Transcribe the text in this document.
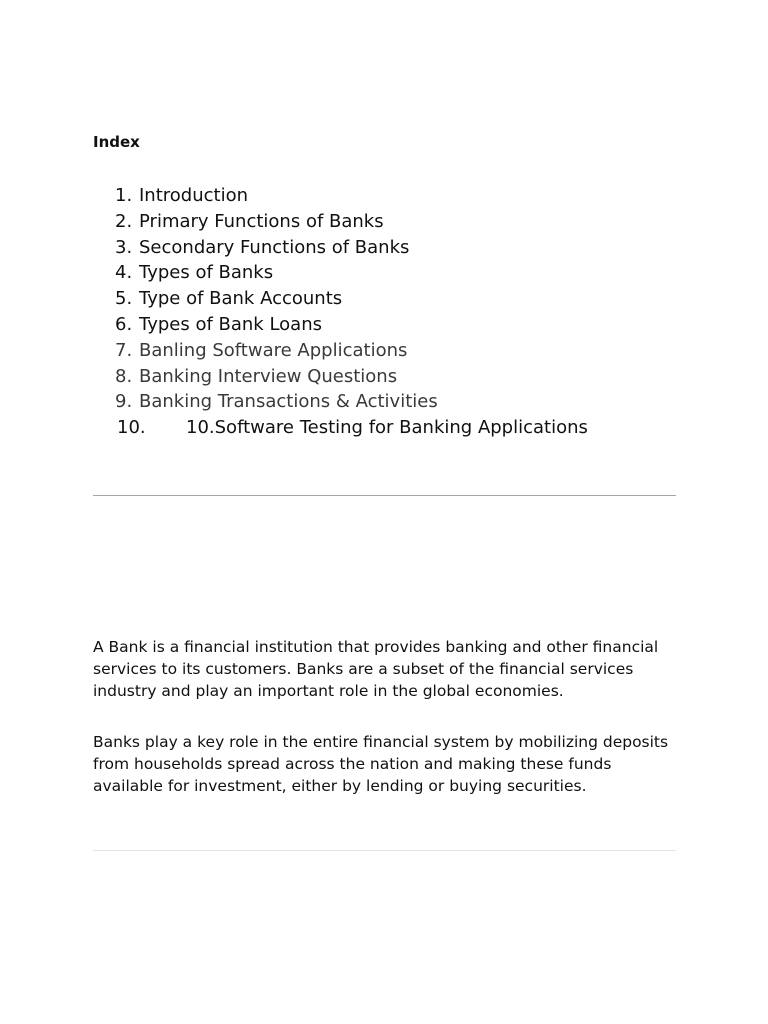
Index
1. Introduction
2. Primary Functions of Banks
3. Secondary Functions of Banks
4. Types of Banks
5. Type of Bank Accounts
6. Types of Bank Loans
7. Banling Software Applications
8. Banking Interview Questions
9. Banking Transactions & Activities
10. 10.Software Testing for Banking Applications

A Bank is a financial institution that provides banking and other financial services to its customers. Banks are a subset of the financial services industry and play an important role in the global economies.

Banks play a key role in the entire financial system by mobilizing deposits from households spread across the nation and making these funds available for investment, either by lending or buying securities.
